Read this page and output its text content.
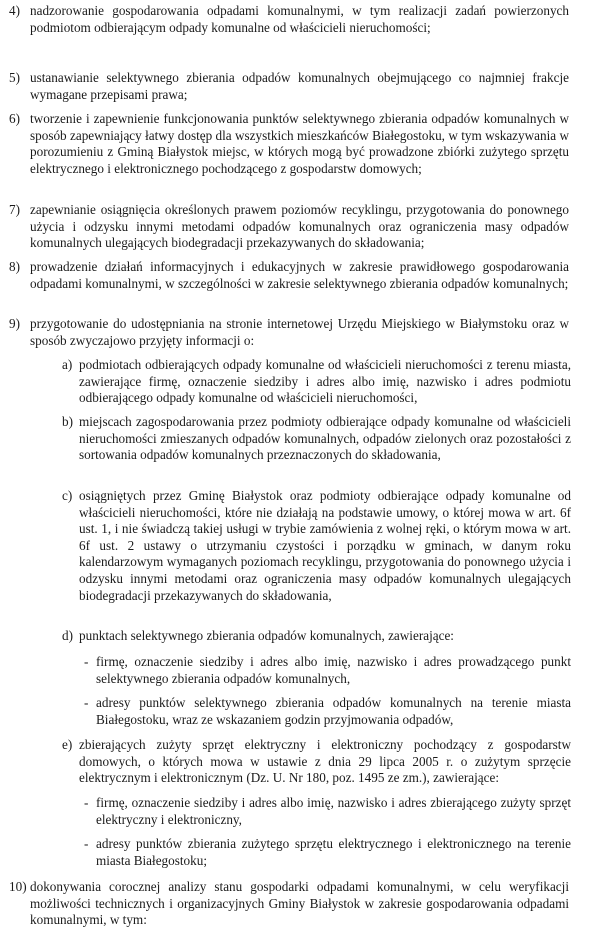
4) nadzorowanie gospodarowania odpadami komunalnymi, w tym realizacji zadań powierzonych podmiotom odbierającym odpady komunalne od właścicieli nieruchomości;
5) ustanawianie selektywnego zbierania odpadów komunalnych obejmującego co najmniej frakcje wymagane przepisami prawa;
6) tworzenie i zapewnienie funkcjonowania punktów selektywnego zbierania odpadów komunalnych w sposób zapewniający łatwy dostęp dla wszystkich mieszkańców Białegostoku, w tym wskazywania w porozumieniu z Gminą Białystok miejsc, w których mogą być prowadzone zbiórki zużytego sprzętu elektrycznego i elektronicznego pochodzącego z gospodarstw domowych;
7) zapewnianie osiągnięcia określonych prawem poziomów recyklingu, przygotowania do ponownego użycia i odzysku innymi metodami odpadów komunalnych oraz ograniczenia masy odpadów komunalnych ulegających biodegradacji przekazywanych do składowania;
8) prowadzenie działań informacyjnych i edukacyjnych w zakresie prawidłowego gospodarowania odpadami komunalnymi, w szczególności w zakresie selektywnego zbierania odpadów komunalnych;
9) przygotowanie do udostępniania na stronie internetowej Urzędu Miejskiego w Białymstoku oraz w sposób zwyczajowo przyjęty informacji o:
a) podmiotach odbierających odpady komunalne od właścicieli nieruchomości z terenu miasta, zawierające firmę, oznaczenie siedziby i adres albo imię, nazwisko i adres podmiotu odbierającego odpady komunalne od właścicieli nieruchomości,
b) miejscach zagospodarowania przez podmioty odbierające odpady komunalne od właścicieli nieruchomości zmieszanych odpadów komunalnych, odpadów zielonych oraz pozostałości z sortowania odpadów komunalnych przeznaczonych do składowania,
c) osiągniętych przez Gminę Białystok oraz podmioty odbierające odpady komunalne od właścicieli nieruchomości, które nie działają na podstawie umowy, o której mowa w art. 6f ust. 1, i nie świadczą takiej usługi w trybie zamówienia z wolnej ręki, o którym mowa w art. 6f ust. 2 ustawy o utrzymaniu czystości i porządku w gminach, w danym roku kalendarzowym wymaganych poziomach recyklingu, przygotowania do ponownego użycia i odzysku innymi metodami oraz ograniczenia masy odpadów komunalnych ulegających biodegradacji przekazywanych do składowania,
d) punktach selektywnego zbierania odpadów komunalnych, zawierające:
- firmę, oznaczenie siedziby i adres albo imię, nazwisko i adres prowadzącego punkt selektywnego zbierania odpadów komunalnych,
- adresy punktów selektywnego zbierania odpadów komunalnych na terenie miasta Białegostoku, wraz ze wskazaniem godzin przyjmowania odpadów,
e) zbierających zużyty sprzęt elektryczny i elektroniczny pochodzący z gospodarstw domowych, o których mowa w ustawie z dnia 29 lipca 2005 r. o zużytym sprzęcie elektrycznym i elektronicznym (Dz. U. Nr 180, poz. 1495 ze zm.), zawierające:
- firmę, oznaczenie siedziby i adres albo imię, nazwisko i adres zbierającego zużyty sprzęt elektryczny i elektroniczny,
- adresy punktów zbierania zużytego sprzętu elektrycznego i elektronicznego na terenie miasta Białegostoku;
10) dokonywania corocznej analizy stanu gospodarki odpadami komunalnymi, w celu weryfikacji możliwości technicznych i organizacyjnych Gminy Białystok w zakresie gospodarowania odpadami komunalnymi, w tym:
